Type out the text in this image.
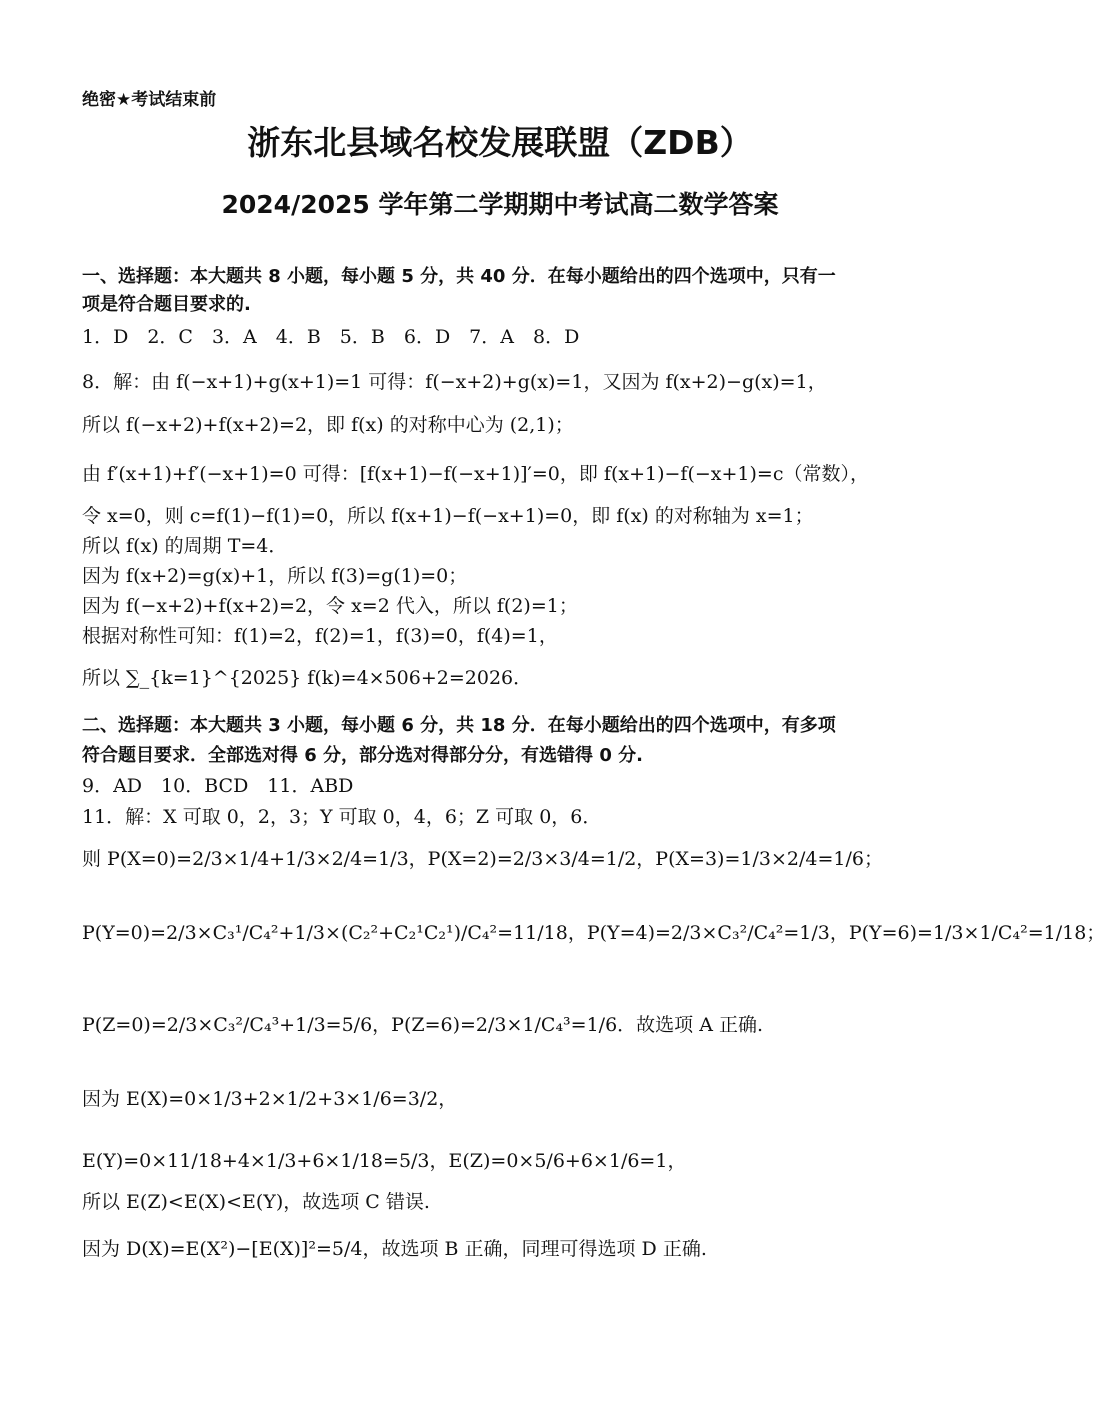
绝密★考试结束前
浙东北县域名校发展联盟（ZDB）
2024/2025 学年第二学期期中考试高二数学答案
一、选择题：本大题共 8 小题，每小题 5 分，共 40 分．在每小题给出的四个选项中，只有一
项是符合题目要求的.
1．D　2．C　3．A　4．B　5．B　6．D　7．A　8．D
8．解：由 f(−x+1)+g(x+1)=1 可得：f(−x+2)+g(x)=1，又因为 f(x+2)−g(x)=1，
所以 f(−x+2)+f(x+2)=2，即 f(x) 的对称中心为 (2,1)；
由 f′(x+1)+f′(−x+1)=0 可得：[f(x+1)−f(−x+1)]′=0，即 f(x+1)−f(−x+1)=c（常数），
令 x=0，则 c=f(1)−f(1)=0，所以 f(x+1)−f(−x+1)=0，即 f(x) 的对称轴为 x=1；
所以 f(x) 的周期 T=4．
因为 f(x+2)=g(x)+1，所以 f(3)=g(1)=0；
因为 f(−x+2)+f(x+2)=2，令 x=2 代入，所以 f(2)=1；
根据对称性可知：f(1)=2，f(2)=1，f(3)=0，f(4)=1，
所以 ∑_{k=1}^{2025} f(k)=4×506+2=2026．
二、选择题：本大题共 3 小题，每小题 6 分，共 18 分．在每小题给出的四个选项中，有多项
符合题目要求．全部选对得 6 分，部分选对得部分分，有选错得 0 分.
9．AD　10．BCD　11．ABD
11．解：X 可取 0，2，3；Y 可取 0，4，6；Z 可取 0，6．
则 P(X=0)=2/3×1/4+1/3×2/4=1/3，P(X=2)=2/3×3/4=1/2，P(X=3)=1/3×2/4=1/6；
P(Y=0)=2/3×C₃¹/C₄²+1/3×(C₂²+C₂¹C₂¹)/C₄²=11/18，P(Y=4)=2/3×C₃²/C₄²=1/3，P(Y=6)=1/3×1/C₄²=1/18；
P(Z=0)=2/3×C₃²/C₄³+1/3=5/6，P(Z=6)=2/3×1/C₄³=1/6．故选项 A 正确.
因为 E(X)=0×1/3+2×1/2+3×1/6=3/2，
E(Y)=0×11/18+4×1/3+6×1/18=5/3，E(Z)=0×5/6+6×1/6=1，
所以 E(Z)<E(X)<E(Y)，故选项 C 错误.
因为 D(X)=E(X²)−[E(X)]²=5/4，故选项 B 正确，同理可得选项 D 正确.
